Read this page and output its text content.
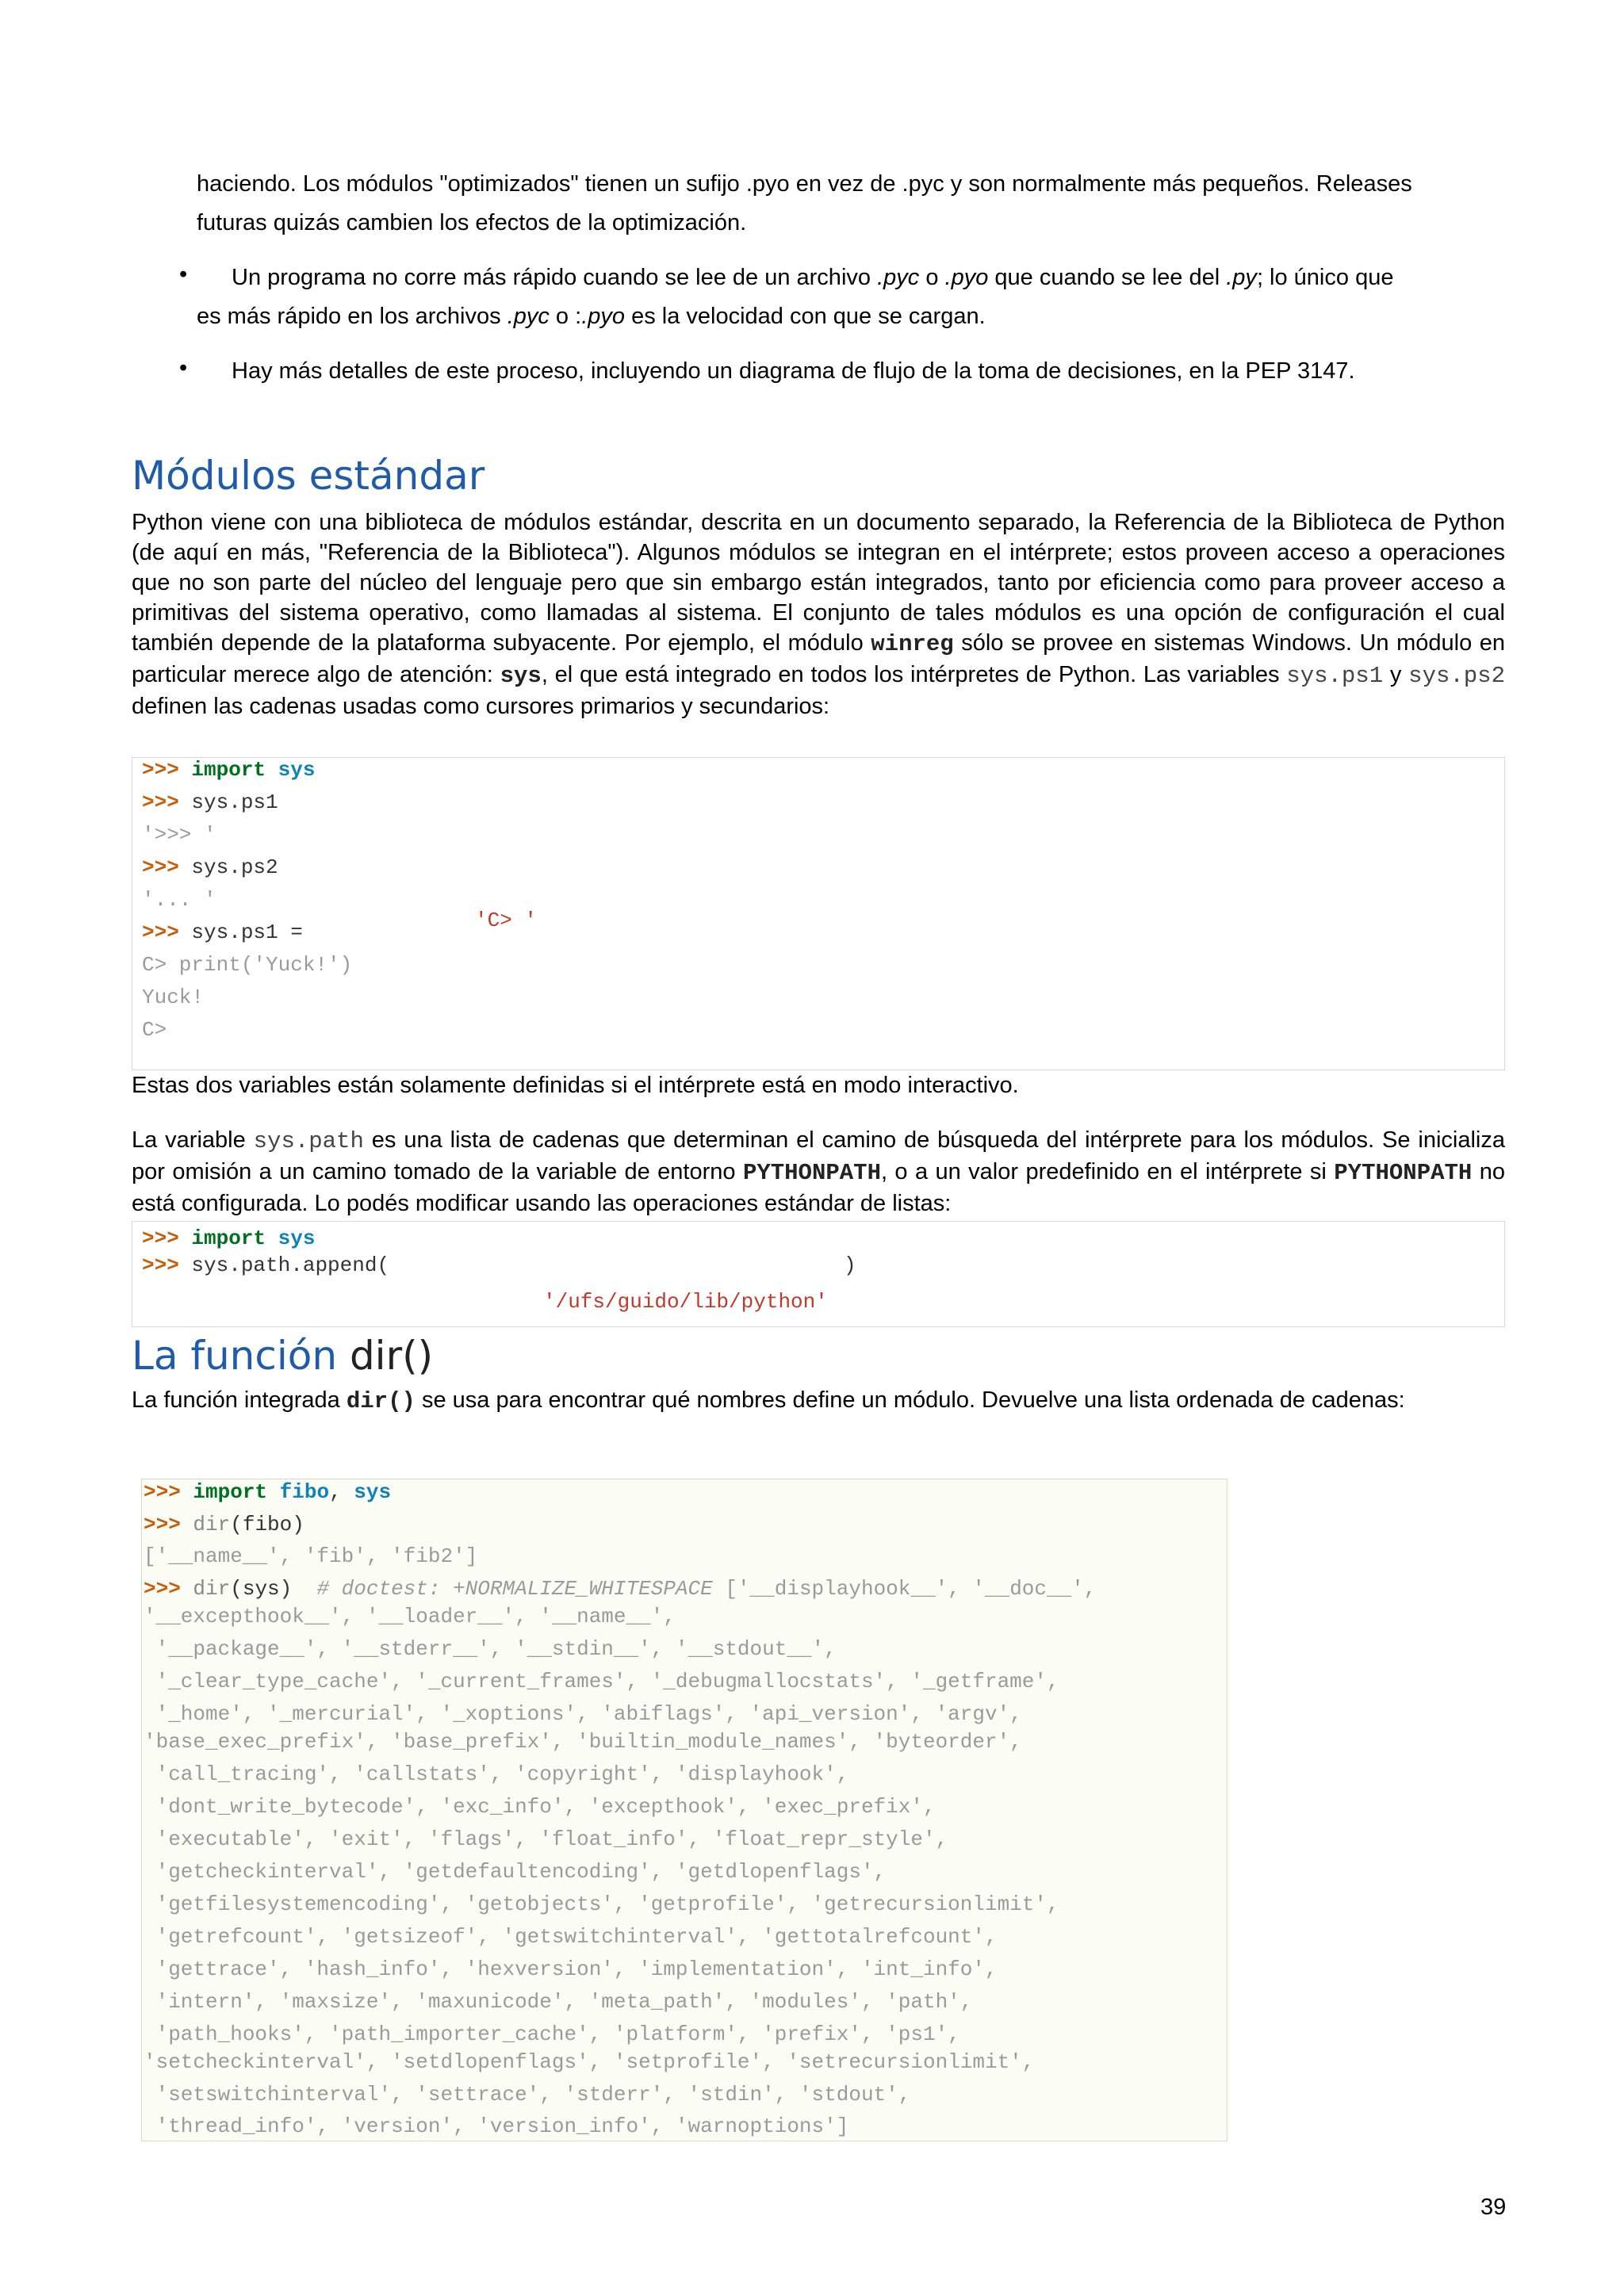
haciendo. Los módulos "optimizados" tienen un sufijo .pyo en vez de .pyc y son normalmente más pequeños. Releases
futuras quizás cambien los efectos de la optimización.
•	Un programa no corre más rápido cuando se lee de un archivo .pyc o .pyo que cuando se lee del .py; lo único que
es más rápido en los archivos .pyc o :.pyo es la velocidad con que se cargan.
• Hay más detalles de este proceso, incluyendo un diagrama de flujo de la toma de decisiones, en la PEP 3147.
Módulos estándar
Python viene con una biblioteca de módulos estándar, descrita en un documento separado, la Referencia de la Biblioteca de Python (de aquí en más, "Referencia de la Biblioteca"). Algunos módulos se integran en el intérprete; estos proveen acceso a operaciones que no son parte del núcleo del lenguaje pero que sin embargo están integrados, tanto por eficiencia como para proveer acceso a primitivas del sistema operativo, como llamadas al sistema. El conjunto de tales módulos es una opción de configuración el cual también depende de la plataforma subyacente. Por ejemplo, el módulo winreg sólo se provee en sistemas Windows. Un módulo en particular merece algo de atención: sys, el que está integrado en todos los intérpretes de Python. Las variables sys.ps1 y sys.ps2 definen las cadenas usadas como cursores primarios y secundarios:
>>> import sys
>>> sys.ps1
'>>> '
>>> sys.ps2
'... '
>>> sys.ps1 =	'C> '
C> print('Yuck!')
Yuck!
C>
Estas dos variables están solamente definidas si el intérprete está en modo interactivo.
La variable sys.path es una lista de cadenas que determinan el camino de búsqueda del intérprete para los módulos. Se inicializa por omisión a un camino tomado de la variable de entorno PYTHONPATH, o a un valor predefinido en el intérprete si PYTHONPATH no está configurada. Lo podés modificar usando las operaciones estándar de listas:
>>> import sys
>>> sys.path.append(	)
'/ufs/guido/lib/python'
La función dir()
La función integrada dir() se usa para encontrar qué nombres define un módulo. Devuelve una lista ordenada de cadenas:
>>> import fibo, sys
>>> dir(fibo)
['__name__', 'fib', 'fib2']
>>> dir(sys)  # doctest: +NORMALIZE_WHITESPACE ['__displayhook__', '__doc__',
'__excepthook__', '__loader__', '__name__',
'__package__', '__stderr__', '__stdin__', '__stdout__',
'_clear_type_cache', '_current_frames', '_debugmallocstats', '_getframe',
'_home', '_mercurial', '_xoptions', 'abiflags', 'api_version', 'argv',
'base_exec_prefix', 'base_prefix', 'builtin_module_names', 'byteorder',
'call_tracing', 'callstats', 'copyright', 'displayhook',
'dont_write_bytecode', 'exc_info', 'excepthook', 'exec_prefix',
'executable', 'exit', 'flags', 'float_info', 'float_repr_style',
'getcheckinterval', 'getdefaultencoding', 'getdlopenflags',
'getfilesystemencoding', 'getobjects', 'getprofile', 'getrecursionlimit',
'getrefcount', 'getsizeof', 'getswitchinterval', 'gettotalrefcount',
'gettrace', 'hash_info', 'hexversion', 'implementation', 'int_info',
'intern', 'maxsize', 'maxunicode', 'meta_path', 'modules', 'path',
'path_hooks', 'path_importer_cache', 'platform', 'prefix', 'ps1',
'setcheckinterval', 'setdlopenflags', 'setprofile', 'setrecursionlimit',
'setswitchinterval', 'settrace', 'stderr', 'stdin', 'stdout',
'thread_info', 'version', 'version_info', 'warnoptions']
39
